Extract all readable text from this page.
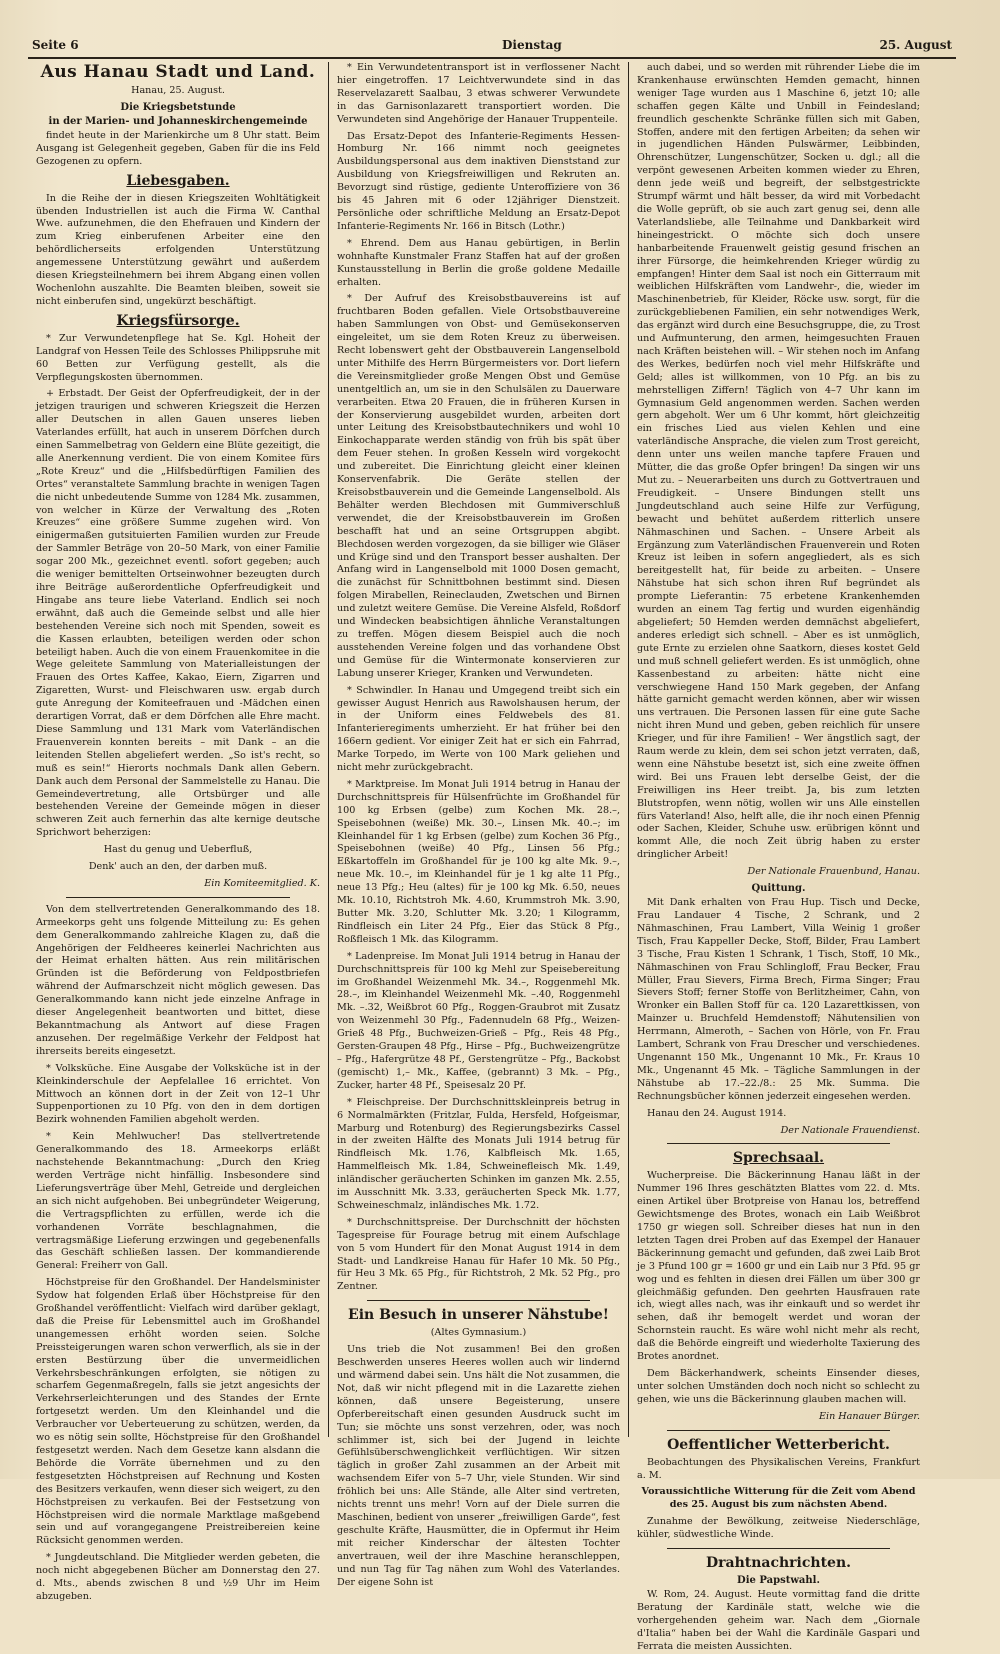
Seite 6	Dienstag	25. August
Aus Hanau Stadt und Land.

Hanau, 25. August.

Die Kriegsbetstunde
in der Marien- und Johanneskirchengemeinde

findet heute in der Marienkirche um 8 Uhr statt. Beim Ausgang ist Gelegenheit gegeben, Gaben für die ins Feld Gezogenen zu opfern.

Liebesgaben.

In die Reihe der in diesen Kriegszeiten Wohltätigkeit übenden Industriellen ist auch die Firma W. Canthal Wwe. aufzunehmen, die den Ehefrauen und Kindern der zum Krieg einberufenen Arbeiter eine den behördlicherseits erfolgenden Unterstützung angemessene Unterstützung gewährt und außerdem diesen Kriegsteilnehmern bei ihrem Abgang einen vollen Wochenlohn auszahlte. Die Beamten bleiben, soweit sie nicht einberufen sind, ungekürzt beschäftigt.

Kriegsfürsorge.

* Zur Verwundetenpflege hat Se. Kgl. Hoheit der Landgraf von Hessen Teile des Schlosses Philippsruhe mit 60 Betten zur Verfügung gestellt, als die Verpflegungskosten übernommen.

+ Erbstadt. Der Geist der Opferfreudigkeit, der in der jetzigen traurigen und schweren Kriegszeit die Herzen aller Deutschen in allen Gauen unseres lieben Vaterlandes erfüllt, hat auch in unserem Dörfchen durch einen Sammelbetrag von Geldern eine Blüte gezeitigt, die alle Anerkennung verdient. Die von einem Komitee fürs „Rote Kreuz“ und die „Hilfsbedürftigen Familien des Ortes“ veranstaltete Sammlung brachte in wenigen Tagen die nicht unbedeutende Summe von 1284 Mk. zusammen, von welcher in Kürze der Verwaltung des „Roten Kreuzes“ eine größere Summe zugehen wird. Von einigermaßen gutsituierten Familien wurden zur Freude der Sammler Beträge von 20–50 Mark, von einer Familie sogar 200 Mk., gezeichnet eventl. sofort gegeben; auch die weniger bemittelten Ortseinwohner bezeugten durch ihre Beiträge außerordentliche Opferfreudigkeit und Hingabe ans teure liebe Vaterland. Endlich sei noch erwähnt, daß auch die Gemeinde selbst und alle hier bestehenden Vereine sich noch mit Spenden, soweit es die Kassen erlaubten, beteiligen werden oder schon beteiligt haben. Auch die von einem Frauenkomitee in die Wege geleitete Sammlung von Materialleistungen der Frauen des Ortes Kaffee, Kakao, Eiern, Zigarren und Zigaretten, Wurst- und Fleischwaren usw. ergab durch gute Anregung der Komiteefrauen und -Mädchen einen derartigen Vorrat, daß er dem Dörfchen alle Ehre macht. Diese Sammlung und 131 Mark vom Vaterländischen Frauenverein konnten bereits – mit Dank – an die leitenden Stellen abgeliefert werden. „So ist's recht, so muß es sein!“ Hierorts nochmals Dank allen Gebern. Dank auch dem Personal der Sammelstelle zu Hanau. Die Gemeindevertretung, alle Ortsbürger und alle bestehenden Vereine der Gemeinde mögen in dieser schweren Zeit auch fernerhin das alte kernige deutsche Sprichwort beherzigen:

Hast du genug und Ueberfluß,

Denk' auch an den, der darben muß.

Ein Komiteemitglied. K.

Von dem stellvertretenden Generalkommando des 18. Armeekorps geht uns folgende Mitteilung zu: Es gehen dem Generalkommando zahlreiche Klagen zu, daß die Angehörigen der Feldheeres keinerlei Nachrichten aus der Heimat erhalten hätten. Aus rein militärischen Gründen ist die Beförderung von Feldpostbriefen während der Aufmarschzeit nicht möglich gewesen. Das Generalkommando kann nicht jede einzelne Anfrage in dieser Angelegenheit beantworten und bittet, diese Bekanntmachung als Antwort auf diese Fragen anzusehen. Der regelmäßige Verkehr der Feldpost hat ihrerseits bereits eingesetzt.

* Volksküche. Eine Ausgabe der Volksküche ist in der Kleinkinderschule der Aepfelallee 16 errichtet. Von Mittwoch an können dort in der Zeit von 12–1 Uhr Suppenportionen zu 10 Pfg. von den in dem dortigen Bezirk wohnenden Familien abgeholt werden.

* Kein Mehlwucher! Das stellvertretende Generalkommando des 18. Armeekorps erläßt nachstehende Bekanntmachung: „Durch den Krieg werden Verträge nicht hinfällig. Insbesondere sind Lieferungsverträge über Mehl, Getreide und dergleichen an sich nicht aufgehoben. Bei unbegründeter Weigerung, die Vertragspflichten zu erfüllen, werde ich die vorhandenen Vorräte beschlagnahmen, die vertragsmäßige Lieferung erzwingen und gegebenenfalls das Geschäft schließen lassen. Der kommandierende General: Freiherr von Gall.

Höchstpreise für den Großhandel. Der Handelsminister Sydow hat folgenden Erlaß über Höchstpreise für den Großhandel veröffentlicht: Vielfach wird darüber geklagt, daß die Preise für Lebensmittel auch im Großhandel unangemessen erhöht worden seien. Solche Preissteigerungen waren schon verwerflich, als sie in der ersten Bestürzung über die unvermeidlichen Verkehrsbeschränkungen erfolgten, sie nötigen zu scharfem Gegenmaßregeln, falls sie jetzt angesichts der Verkehrserleichterungen und des Standes der Ernte fortgesetzt werden. Um den Kleinhandel und die Verbraucher vor Ueberteuerung zu schützen, werden, da wo es nötig sein sollte, Höchstpreise für den Großhandel festgesetzt werden. Nach dem Gesetze kann alsdann die Behörde die Vorräte übernehmen und zu den festgesetzten Höchstpreisen auf Rechnung und Kosten des Besitzers verkaufen, wenn dieser sich weigert, zu den Höchstpreisen zu verkaufen. Bei der Festsetzung von Höchstpreisen wird die normale Marktlage maßgebend sein und auf vorangegangene Preistreibereien keine Rücksicht genommen werden.

* Jungdeutschland. Die Mitglieder werden gebeten, die noch nicht abgegebenen Bücher am Donnerstag den 27. d. Mts., abends zwischen 8 und ½9 Uhr im Heim abzugeben.

* Ein Verwundetentransport ist in verflossener Nacht hier eingetroffen. 17 Leichtverwundete sind in das Reservelazarett Saalbau, 3 etwas schwerer Verwundete in das Garnisonlazarett transportiert worden. Die Verwundeten sind Angehörige der Hanauer Truppenteile.

Das Ersatz-Depot des Infanterie-Regiments Hessen-Homburg Nr. 166 nimmt noch geeignetes Ausbildungspersonal aus dem inaktiven Dienststand zur Ausbildung von Kriegsfreiwilligen und Rekruten an. Bevorzugt sind rüstige, gediente Unteroffiziere von 36 bis 45 Jahren mit 6 oder 12jähriger Dienstzeit. Persönliche oder schriftliche Meldung an Ersatz-Depot Infanterie-Regiments Nr. 166 in Bitsch (Lothr.)

* Ehrend. Dem aus Hanau gebürtigen, in Berlin wohnhafte Kunstmaler Franz Staffen hat auf der großen Kunstausstellung in Berlin die große goldene Medaille erhalten.

* Der Aufruf des Kreisobstbauvereins ist auf fruchtbaren Boden gefallen. Viele Ortsobstbauvereine haben Sammlungen von Obst- und Gemüsekonserven eingeleitet, um sie dem Roten Kreuz zu überweisen. Recht lobenswert geht der Obstbauverein Langenselbold unter Mithilfe des Herrn Bürgermeisters vor. Dort liefern die Vereinsmitglieder große Mengen Obst und Gemüse unentgeltlich an, um sie in den Schulsälen zu Dauerware verarbeiten. Etwa 20 Frauen, die in früheren Kursen in der Konservierung ausgebildet wurden, arbeiten dort unter Leitung des Kreisobstbautechnikers und wohl 10 Einkochapparate werden ständig von früh bis spät über dem Feuer stehen. In großen Kesseln wird vorgekocht und zubereitet. Die Einrichtung gleicht einer kleinen Konservenfabrik. Die Geräte stellen der Kreisobstbauverein und die Gemeinde Langenselbold. Als Behälter werden Blechdosen mit Gummiverschluß verwendet, die der Kreisobstbauverein im Großen beschafft hat und an seine Ortsgruppen abgibt. Blechdosen werden vorgezogen, da sie billiger wie Gläser und Krüge sind und den Transport besser aushalten. Der Anfang wird in Langenselbold mit 1000 Dosen gemacht, die zunächst für Schnittbohnen bestimmt sind. Diesen folgen Mirabellen, Reineclauden, Zwetschen und Birnen und zuletzt weitere Gemüse. Die Vereine Alsfeld, Roßdorf und Windecken beabsichtigen ähnliche Veranstaltungen zu treffen. Mögen diesem Beispiel auch die noch ausstehenden Vereine folgen und das vorhandene Obst und Gemüse für die Wintermonate konservieren zur Labung unserer Krieger, Kranken und Verwundeten.

* Schwindler. In Hanau und Umgegend treibt sich ein gewisser August Henrich aus Rawolshausen herum, der in der Uniform eines Feldwebels des 81. Infanterieregiments umherzieht. Er hat früher bei den 166ern gedient. Vor einiger Zeit hat er sich ein Fahrrad, Marke Torpedo, im Werte von 100 Mark geliehen und nicht mehr zurückgebracht.

* Marktpreise. Im Monat Juli 1914 betrug in Hanau der Durchschnittspreis für Hülsenfrüchte im Großhandel für 100 kg Erbsen (gelbe) zum Kochen Mk. 28.–, Speisebohnen (weiße) Mk. 30.–, Linsen Mk. 40.–; im Kleinhandel für 1 kg Erbsen (gelbe) zum Kochen 36 Pfg., Speisebohnen (weiße) 40 Pfg., Linsen 56 Pfg.; Eßkartoffeln im Großhandel für je 100 kg alte Mk. 9.–, neue Mk. 10.–, im Kleinhandel für je 1 kg alte 11 Pfg., neue 13 Pfg.; Heu (altes) für je 100 kg Mk. 6.50, neues Mk. 10.10, Richtstroh Mk. 4.60, Krummstroh Mk. 3.90, Butter Mk. 3.20, Schlutter Mk. 3.20; 1 Kilogramm, Rindfleisch ein Liter 24 Pfg., Eier das Stück 8 Pfg., Roßfleisch 1 Mk. das Kilogramm.

* Ladenpreise. Im Monat Juli 1914 betrug in Hanau der Durchschnittspreis für 100 kg Mehl zur Speisebereitung im Großhandel Weizenmehl Mk. 34.–, Roggenmehl Mk. 28.–, im Kleinhandel Weizenmehl Mk. –.40, Roggenmehl Mk. –.32, Weißbrot 60 Pfg., Roggen-Graubrot mit Zusatz von Weizenmehl 30 Pfg., Fadennudeln 68 Pfg., Weizen-Grieß 48 Pfg., Buchweizen-Grieß – Pfg., Reis 48 Pfg., Gersten-Graupen 48 Pfg., Hirse – Pfg., Buchweizengrütze – Pfg., Hafergrütze 48 Pf., Gerstengrütze – Pfg., Backobst (gemischt) 1,– Mk., Kaffee, (gebrannt) 3 Mk. – Pfg., Zucker, harter 48 Pf., Speisesalz 20 Pf.

* Fleischpreise. Der Durchschnittskleinpreis betrug in 6 Normalmärkten (Fritzlar, Fulda, Hersfeld, Hofgeismar, Marburg und Rotenburg) des Regierungsbezirks Cassel in der zweiten Hälfte des Monats Juli 1914 betrug für Rindfleisch Mk. 1.76, Kalbfleisch Mk. 1.65, Hammelfleisch Mk. 1.84, Schweinefleisch Mk. 1.49, inländischer geräucherten Schinken im ganzen Mk. 2.55, im Ausschnitt Mk. 3.33, geräucherten Speck Mk. 1.77, Schweineschmalz, inländisches Mk. 1.72.

* Durchschnittspreise. Der Durchschnitt der höchsten Tagespreise für Fourage betrug mit einem Aufschlage von 5 vom Hundert für den Monat August 1914 in dem Stadt- und Landkreise Hanau für Hafer 10 Mk. 50 Pfg., für Heu 3 Mk. 65 Pfg., für Richtstroh, 2 Mk. 52 Pfg., pro Zentner.

Ein Besuch in unserer Nähstube!

(Altes Gymnasium.)

Uns trieb die Not zusammen! Bei den großen Beschwerden unseres Heeres wollen auch wir lindernd und wärmend dabei sein. Uns hält die Not zusammen, die Not, daß wir nicht pflegend mit in die Lazarette ziehen können, daß unsere Begeisterung, unsere Opferbereitschaft einen gesunden Ausdruck sucht im Tun; sie möchte uns sonst verzehren, oder, was noch schlimmer ist, sich bei der Jugend in leichte Gefühlsüberschwenglichkeit verflüchtigen. Wir sitzen täglich in großer Zahl zusammen an der Arbeit mit wachsendem Eifer von 5–7 Uhr, viele Stunden. Wir sind fröhlich bei uns: Alle Stände, alle Alter sind vertreten, nichts trennt uns mehr! Vorn auf der Diele surren die Maschinen, bedient von unserer „freiwilligen Garde“, fest geschulte Kräfte, Hausmütter, die in Opfermut ihr Heim mit reicher Kinderschar der ältesten Tochter anvertrauen, weil der ihre Maschine heranschleppen, und nun Tag für Tag nähen zum Wohl des Vaterlandes. Der eigene Sohn ist

auch dabei, und so werden mit rührender Liebe die im Krankenhause erwünschten Hemden gemacht, hinnen weniger Tage wurden aus 1 Maschine 6, jetzt 10; alle schaffen gegen Kälte und Unbill in Feindesland; freundlich geschenkte Schränke füllen sich mit Gaben, Stoffen, andere mit den fertigen Arbeiten; da sehen wir in jugendlichen Händen Pulswärmer, Leibbinden, Ohrenschützer, Lungenschützer, Socken u. dgl.; all die verpönt gewesenen Arbeiten kommen wieder zu Ehren, denn jede weiß und begreift, der selbstgestrickte Strumpf wärmt und hält besser, da wird mit Vorbedacht die Wolle geprüft, ob sie auch zart genug sei, denn alle Vaterlandsliebe, alle Teilnahme und Dankbarkeit wird hineingestrickt. O möchte sich doch unsere hanbarbeitende Frauenwelt geistig gesund frischen an ihrer Fürsorge, die heimkehrenden Krieger würdig zu empfangen! Hinter dem Saal ist noch ein Gitterraum mit weiblichen Hilfskräften vom Landwehr-, die, wieder im Maschinenbetrieb, für Kleider, Röcke usw. sorgt, für die zurückgebliebenen Familien, ein sehr notwendiges Werk, das ergänzt wird durch eine Besuchsgruppe, die, zu Trost und Aufmunterung, den armen, heimgesuchten Frauen nach Kräften beistehen will. – Wir stehen noch im Anfang des Werkes, bedürfen noch viel mehr Hilfskräfte und Geld; alles ist willkommen, von 10 Pfg. an bis zu mehrstelligen Ziffern! Täglich von 4–7 Uhr kann im Gymnasium Geld angenommen werden. Sachen werden gern abgeholt. Wer um 6 Uhr kommt, hört gleichzeitig ein frisches Lied aus vielen Kehlen und eine vaterländische Ansprache, die vielen zum Trost gereicht, denn unter uns weilen manche tapfere Frauen und Mütter, die das große Opfer bringen! Da singen wir uns Mut zu. – Neuerarbeiten uns durch zu Gottvertrauen und Freudigkeit. – Unsere Bindungen stellt uns Jungdeutschland auch seine Hilfe zur Verfügung, bewacht und behütet außerdem ritterlich unsere Nähmaschinen und Sachen. – Unsere Arbeit als Ergänzung zum Vaterländischen Frauenverein und Roten Kreuz ist leiben in sofern angegliedert, als es sich bereitgestellt hat, für beide zu arbeiten. – Unsere Nähstube hat sich schon ihren Ruf begründet als prompte Lieferantin: 75 erbetene Krankenhemden wurden an einem Tag fertig und wurden eigenhändig abgeliefert; 50 Hemden werden demnächst abgeliefert, anderes erledigt sich schnell. – Aber es ist unmöglich, gute Ernte zu erzielen ohne Saatkorn, dieses kostet Geld und muß schnell geliefert werden. Es ist unmöglich, ohne Kassenbestand zu arbeiten: hätte nicht eine verschwiegene Hand 150 Mark gegeben, der Anfang hätte garnicht gemacht werden können, aber wir wissen uns vertrauen. Die Personen lassen für eine gute Sache nicht ihren Mund und geben, geben reichlich für unsere Krieger, und für ihre Familien! – Wer ängstlich sagt, der Raum werde zu klein, dem sei schon jetzt verraten, daß, wenn eine Nähstube besetzt ist, sich eine zweite öffnen wird. Bei uns Frauen lebt derselbe Geist, der die Freiwilligen ins Heer treibt. Ja, bis zum letzten Blutstropfen, wenn nötig, wollen wir uns Alle einstellen fürs Vaterland! Also, helft alle, die ihr noch einen Pfennig oder Sachen, Kleider, Schuhe usw. erübrigen könnt und kommt Alle, die noch Zeit übrig haben zu erster dringlicher Arbeit!

Der Nationale Frauenbund, Hanau.

Quittung.

Mit Dank erhalten von Frau Hup. Tisch und Decke, Frau Landauer 4 Tische, 2 Schrank, und 2 Nähmaschinen, Frau Lambert, Villa Weinig 1 großer Tisch, Frau Kappeller Decke, Stoff, Bilder, Frau Lambert 3 Tische, Frau Kisten 1 Schrank, 1 Tisch, Stoff, 10 Mk., Nähmaschinen von Frau Schlingloff, Frau Becker, Frau Müller, Frau Sievers, Firma Brech, Firma Singer; Frau Sievers Stoff; ferner Stoffe von Berlitzheimer, Cahn, von Wronker ein Ballen Stoff für ca. 120 Lazarettkissen, von Mainzer u. Bruchfeld Hemdenstoff; Nähutensilien von Herrmann, Almeroth, – Sachen von Hörle, von Fr. Frau Lambert, Schrank von Frau Drescher und verschiedenes. Ungenannt 150 Mk., Ungenannt 10 Mk., Fr. Kraus 10 Mk., Ungenannt 45 Mk. – Tägliche Sammlungen in der Nähstube ab 17.–22./8.: 25 Mk. Summa. Die Rechnungsbücher können jederzeit eingesehen werden.

Hanau den 24. August 1914.

Der Nationale Frauendienst.

Sprechsaal.

Wucherpreise. Die Bäckerinnung Hanau läßt in der Nummer 196 Ihres geschätzten Blattes vom 22. d. Mts. einen Artikel über Brotpreise von Hanau los, betreffend Gewichtsmenge des Brotes, wonach ein Laib Weißbrot 1750 gr wiegen soll. Schreiber dieses hat nun in den letzten Tagen drei Proben auf das Exempel der Hanauer Bäckerinnung gemacht und gefunden, daß zwei Laib Brot je 3 Pfund 100 gr = 1600 gr und ein Laib nur 3 Pfd. 95 gr wog und es fehlten in diesen drei Fällen um über 300 gr gleichmäßig gefunden. Den geehrten Hausfrauen rate ich, wiegt alles nach, was ihr einkauft und so werdet ihr sehen, daß ihr bemogelt werdet und woran der Schornstein raucht. Es wäre wohl nicht mehr als recht, daß die Behörde eingreift und wiederholte Taxierung des Brotes anordnet.

Dem Bäckerhandwerk, scheints Einsender dieses, unter solchen Umständen doch noch nicht so schlecht zu gehen, wie uns die Bäckerinnung glauben machen will.

Ein Hanauer Bürger.

Oeffentlicher Wetterbericht.

Beobachtungen des Physikalischen Vereins, Frankfurt a. M.

Voraussichtliche Witterung für die Zeit vom Abend des 25. August bis zum nächsten Abend.

Zunahme der Bewölkung, zeitweise Niederschläge, kühler, südwestliche Winde.

Drahtnachrichten.
Die Papstwahl.

W. Rom, 24. August. Heute vormittag fand die dritte Beratung der Kardinäle statt, welche wie die vorhergehenden geheim war. Nach dem „Giornale d'Italia“ haben bei der Wahl die Kardinäle Gaspari und Ferrata die meisten Aussichten.
